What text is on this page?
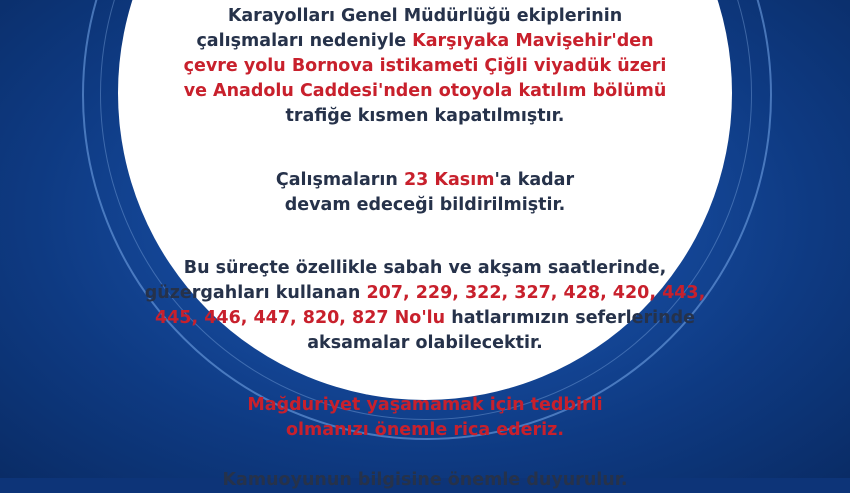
Karayolları Genel Müdürlüğü ekiplerinin
çalışmaları nedeniyle Karşıyaka Mavişehir'den
çevre yolu Bornova istikameti Çiğli viyadük üzeri
ve Anadolu Caddesi'nden otoyola katılım bölümü
trafiğe kısmen kapatılmıştır.

Çalışmaların 23 Kasım'a kadar
devam edeceği bildirilmiştir.

Bu süreçte özellikle sabah ve akşam saatlerinde,
güzergahları kullanan 207, 229, 322, 327, 428, 420, 443,
445, 446, 447, 820, 827 No'lu hatlarımızın seferlerinde
aksamalar olabilecektir.

Mağduriyet yaşamamak için tedbirli
olmanızı önemle rica ederiz.

Kamuoyunun bilgisine önemle duyurulur.
